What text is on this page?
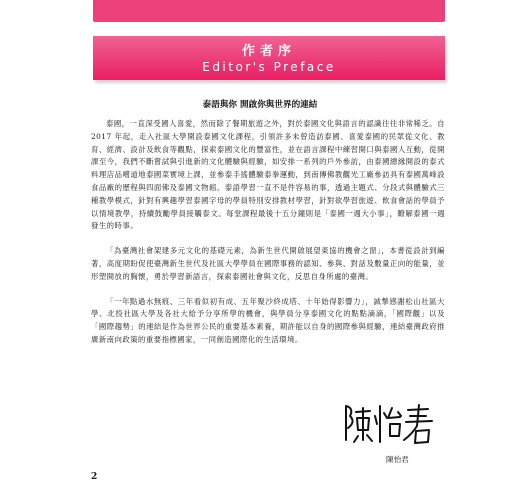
作者序
Editor's Preface
泰語與你 開啟你與世界的連結

泰國，一直深受國人喜愛，然而除了餐期旅遊之外，對於泰國文化與語言的認識往往非常稀乏。自 2017 年起，走入社區大學開設泰國文化課程，引領許多未曾造訪泰國、喜愛泰國的民眾從文化、教育、經濟、設計及飲食等觀點，探索泰國文化的豐富性，並在語言課程中練習開口與泰國人互動，從開課至今，我們不斷嘗試與引進新的文化體驗與經驗，如安排一系列的戶外參訪，由泰國總緣開設的泰式料理店品嚐道地泰國菜實境上課，並參泰手搖體驗泰拳運動，到南傳佛教觀光工廠參訪具有泰國萬峰設食品廠的歷程與四面佛及泰國文物館。泰語學習一直不是件容易的事，透過主題式、分段式與體驗式三種教學模式，針對有興趣學習泰國字母的學員特別安排教材學習，針對欲學習旅遊、飲食會話的學員予以情境教學，持續鼓勵學員接觸泰文。每堂課程最後十五分鐘則是「泰國一週大小事」，瞭解泰國一週發生的時事。

「為臺灣社會架建多元文化的基礎元素，為新生世代開啟展望東協的機會之窗」，本書從設計到編著，高度期盼促使臺灣新生世代及社區大學學員在國際事務的認知、參與、對話及數量正向的能量，並形塑開放的胸懷，勇於學習新語言，探索泰國社會與文化，反思自身所處的臺灣。

「一年點過水無痕、三年看似初有成、五年聚沙終成塔、十年始得影響力」，誠摯感謝松山社區大學、北投社區大學及各社大給予分享所學的機會，與學員分享泰國文化的點點滴滴，「國際觀」以及「國際趨勢」的連結是作為世界公民的重要基本素養，期許能以自身的國際參與經驗，連結臺灣政府推廣新南向政策的重要指標國家，一同創造國際化的生活環境。

陳怡君
2
